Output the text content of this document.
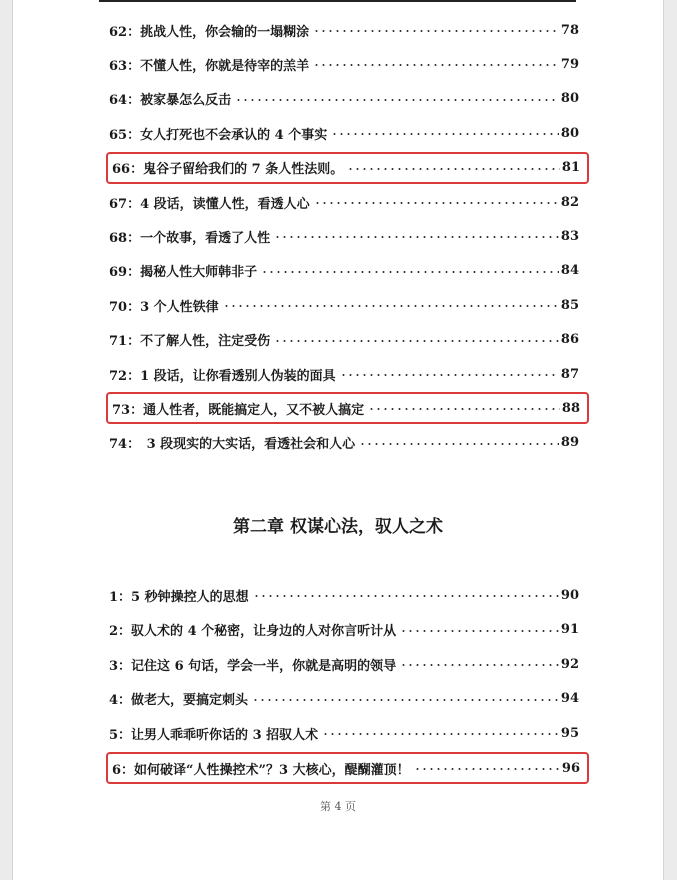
62：挑战人性，你会输的一塌糊涂	78
63：不懂人性，你就是待宰的羔羊	79
64：被家暴怎么反击	80
65：女人打死也不会承认的 4 个事实	80
66：鬼谷子留给我们的 7 条人性法则。	81
67：4 段话，读懂人性，看透人心	82
68：一个故事，看透了人性	83
69：揭秘人性大师韩非子	84
70：3 个人性铁律	85
71：不了解人性，注定受伤	86
72：1 段话，让你看透别人伪装的面具	87
73：通人性者，既能搞定人，又不被人搞定	88
74：　3 段现实的大实话，看透社会和人心	89
1：5 秒钟操控人的思想	90
2：驭人术的 4 个秘密，让身边的人对你言听计从	91
3：记住这 6 句话，学会一半，你就是高明的领导	92
4：做老大，要搞定刺头	94
5：让男人乖乖听你话的 3 招驭人术	95
6：如何破译“人性操控术”？3 大核心，醍醐灌顶！	96
第二章 权谋心法，驭人之术
第 4 页
